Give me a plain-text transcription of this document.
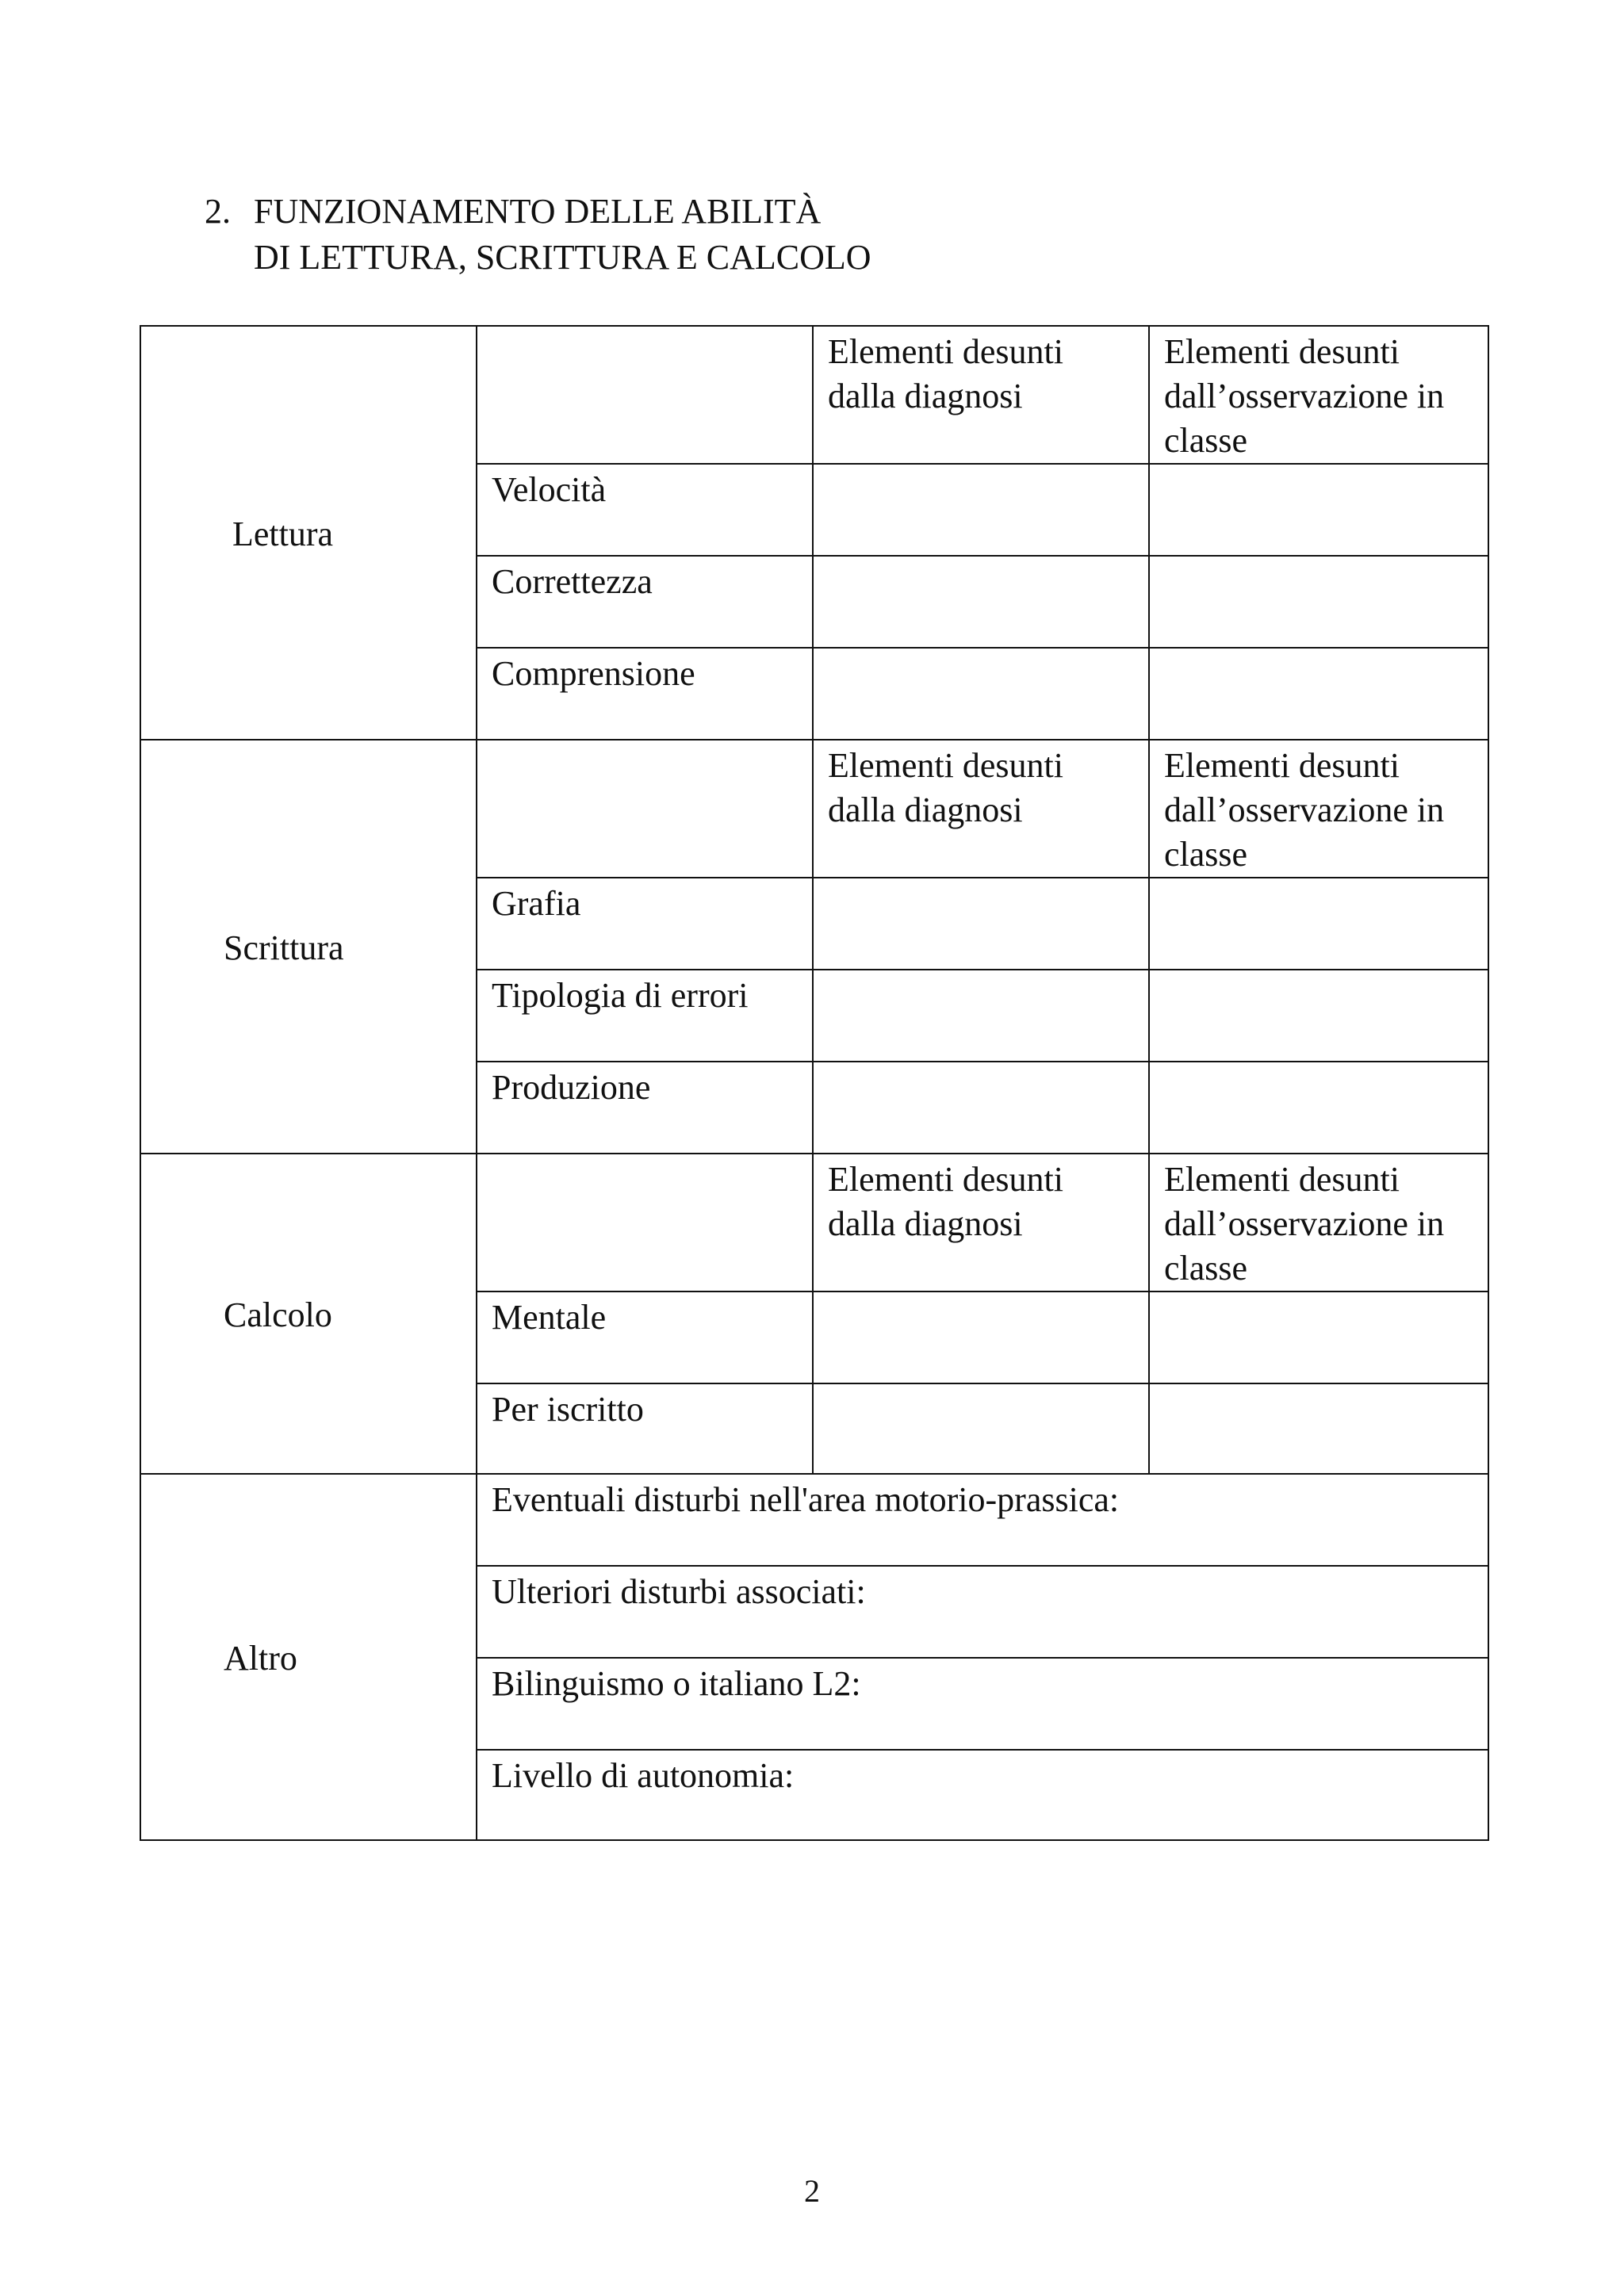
2. FUNZIONAMENTO DELLE ABILITÀ
DI LETTURA, SCRITTURA E CALCOLO
Lettura		Elementi desunti dalla diagnosi	Elementi desunti dall’osservazione in classe
	Velocità		
	Correttezza		
	Comprensione		
Scrittura		Elementi desunti dalla diagnosi	Elementi desunti dall’osservazione in classe
	Grafia		
	Tipologia di errori		
	Produzione		
Calcolo		Elementi desunti dalla diagnosi	Elementi desunti dall’osservazione in classe
	Mentale		
	Per iscritto		
Altro	Eventuali disturbi nell'area motorio-prassica:		
	Ulteriori disturbi associati:		
	Bilinguismo o italiano L2:		
	Livello di autonomia:		
2
